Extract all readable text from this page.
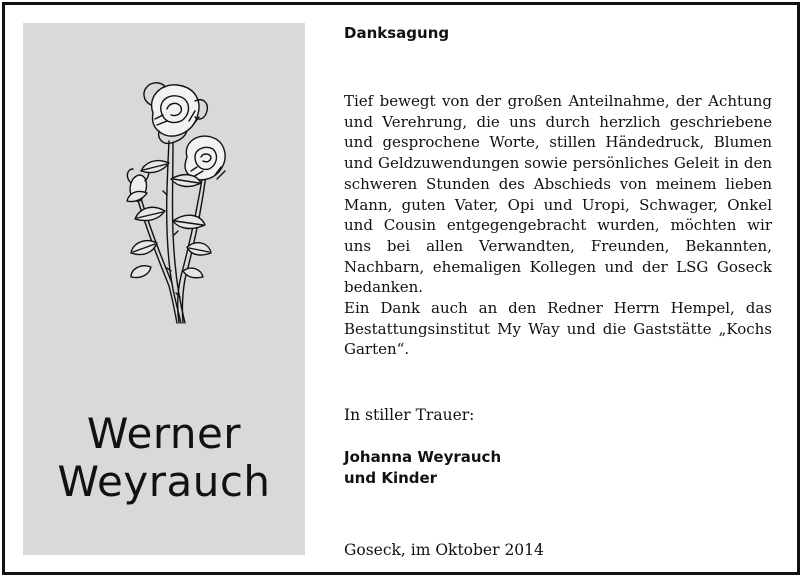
Werner
Weyrauch
Danksagung
Tief bewegt von der großen Anteilnahme, der Achtung und Verehrung, die uns durch herzlich geschriebene und gesprochene Worte, stillen Händedruck, Blumen und Geldzuwendungen sowie persönliches Geleit in den schweren Stunden des Abschieds von meinem lieben Mann, guten Vater, Opi und Uropi, Schwager, Onkel und Cousin entgegengebracht wurden, möchten wir uns bei allen Verwandten, Freunden, Bekannten, Nachbarn, ehemaligen Kollegen und der LSG Goseck bedanken.
Ein Dank auch an den Redner Herrn Hempel, das Bestattungsinstitut My Way und die Gaststätte „Kochs Garten“.
In stiller Trauer:
Johanna Weyrauch
und Kinder
Goseck, im Oktober 2014
